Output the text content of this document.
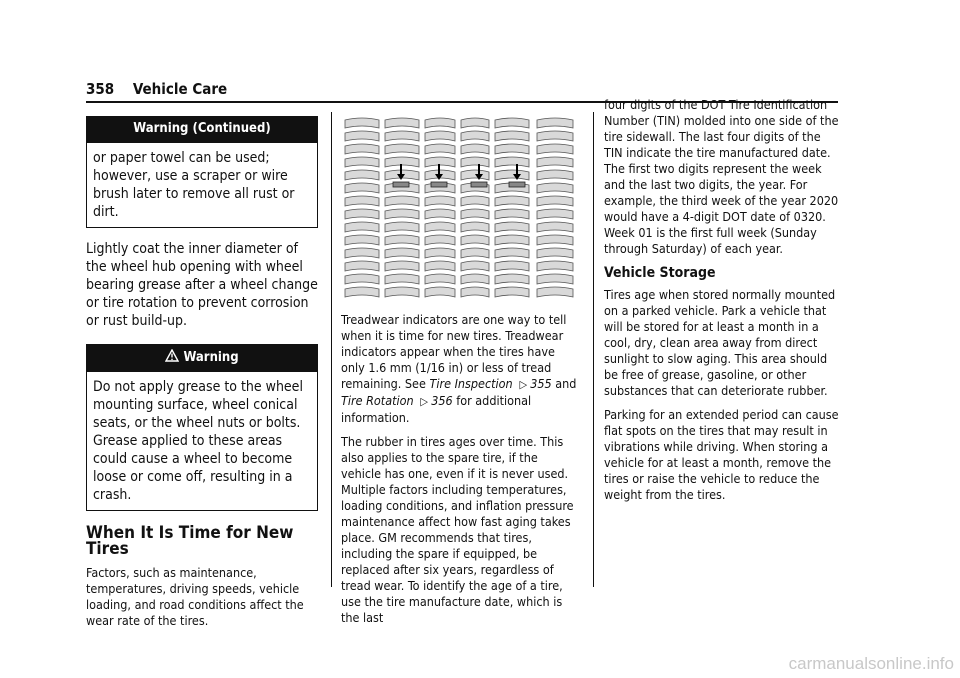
358 Vehicle Care
Warning (Continued)
or paper towel can be used; however, use a scraper or wire brush later to remove all rust or dirt.

Lightly coat the inner diameter of the wheel hub opening with wheel bearing grease after a wheel change or tire rotation to prevent corrosion or rust build-up.

Warning
Do not apply grease to the wheel mounting surface, wheel conical seats, or the wheel nuts or bolts. Grease applied to these areas could cause a wheel to become loose or come off, resulting in a crash.
When It Is Time for New Tires

Factors, such as maintenance, temperatures, driving speeds, vehicle loading, and road conditions affect the wear rate of the tires.

Treadwear indicators are one way to tell when it is time for new tires. Treadwear indicators appear when the tires have only 1.6 mm (1/16 in) or less of tread remaining. See Tire Inspection ▷ 355 and
Tire Rotation ▷ 356 for additional information.

The rubber in tires ages over time. This also applies to the spare tire, if the vehicle has one, even if it is never used. Multiple factors including temperatures, loading conditions, and inflation pressure maintenance affect how fast aging takes place. GM recommends that tires, including the spare if equipped, be replaced after six years, regardless of tread wear. To identify the age of a tire, use the tire manufacture date, which is the last

four digits of the DOT Tire Identification Number (TIN) molded into one side of the tire sidewall. The last four digits of the TIN indicate the tire manufactured date. The first two digits represent the week and the last two digits, the year. For example, the third week of the year 2020 would have a 4-digit DOT date of 0320. Week 01 is the first full week (Sunday through Saturday) of each year.

Vehicle Storage

Tires age when stored normally mounted on a parked vehicle. Park a vehicle that will be stored for at least a month in a cool, dry, clean area away from direct sunlight to slow aging. This area should be free of grease, gasoline, or other substances that can deteriorate rubber.

Parking for an extended period can cause flat spots on the tires that may result in vibrations while driving. When storing a vehicle for at least a month, remove the tires or raise the vehicle to reduce the weight from the tires.

carmanualsonline.info
